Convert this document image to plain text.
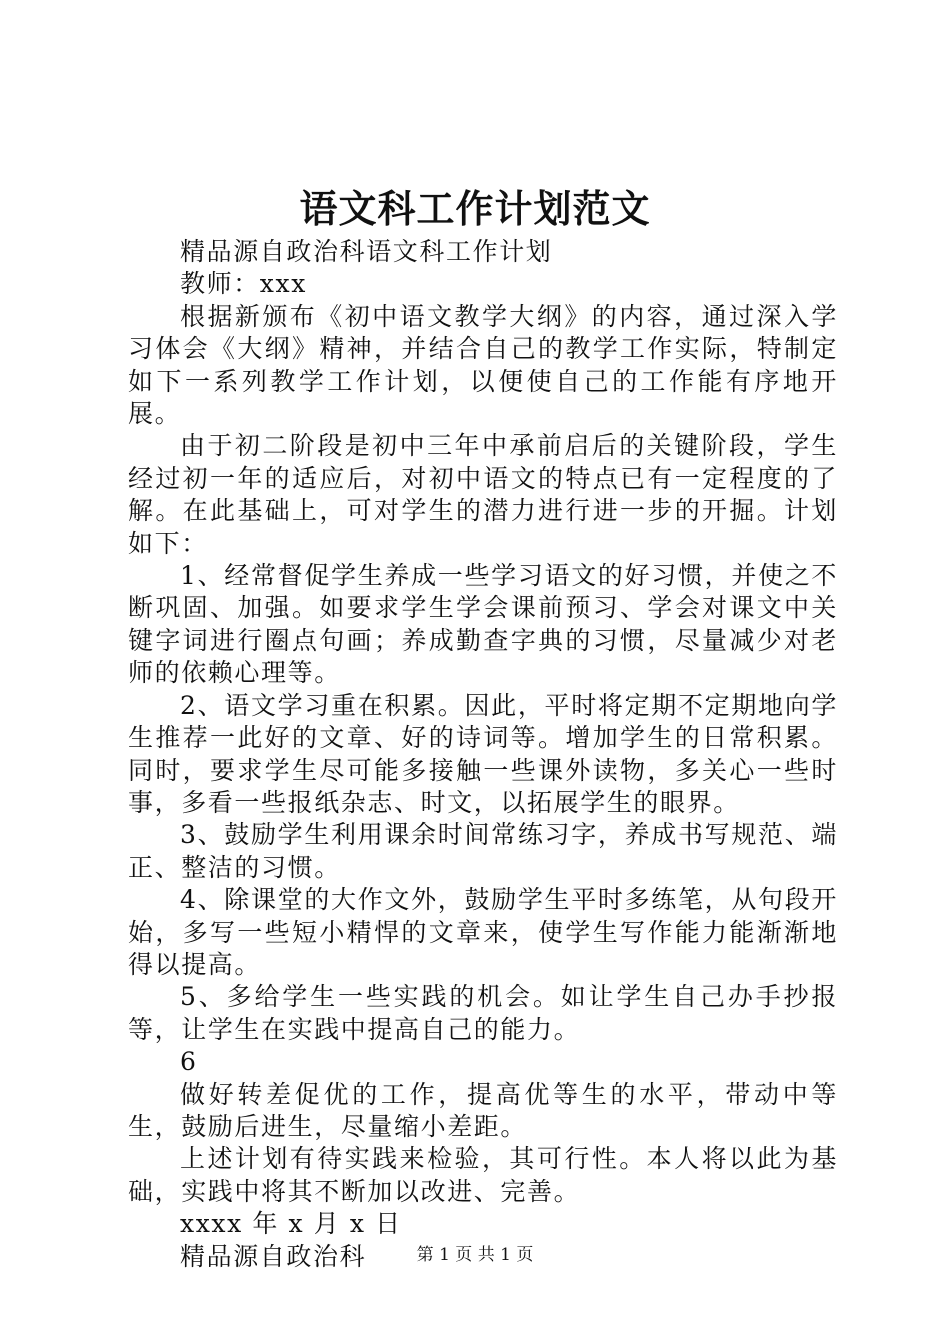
语文科工作计划范文

精品源自政治科语文科工作计划

教师：xxx

根据新颁布《初中语文教学大纲》的内容，通过深入学习体会《大纲》精神，并结合自己的教学工作实际，特制定如下一系列教学工作计划，以便使自己的工作能有序地开展。

由于初二阶段是初中三年中承前启后的关键阶段，学生经过初一年的适应后，对初中语文的特点已有一定程度的了解。在此基础上，可对学生的潜力进行进一步的开掘。计划如下：

1、经常督促学生养成一些学习语文的好习惯，并使之不断巩固、加强。如要求学生学会课前预习、学会对课文中关键字词进行圈点句画；养成勤查字典的习惯，尽量减少对老师的依赖心理等。

2、语文学习重在积累。因此，平时将定期不定期地向学生推荐一此好的文章、好的诗词等。增加学生的日常积累。同时，要求学生尽可能多接触一些课外读物，多关心一些时事，多看一些报纸杂志、时文，以拓展学生的眼界。

3、鼓励学生利用课余时间常练习字，养成书写规范、端正、整洁的习惯。

4、除课堂的大作文外，鼓励学生平时多练笔，从句段开始，多写一些短小精悍的文章来，使学生写作能力能渐渐地得以提高。

5、多给学生一些实践的机会。如让学生自己办手抄报等，让学生在实践中提高自己的能力。

6

做好转差促优的工作，提高优等生的水平，带动中等生，鼓励后进生，尽量缩小差距。

上述计划有待实践来检验，其可行性。本人将以此为基础，实践中将其不断加以改进、完善。

xxxx 年 x 月 x 日

精品源自政治科	第 1 页 共 1 页
